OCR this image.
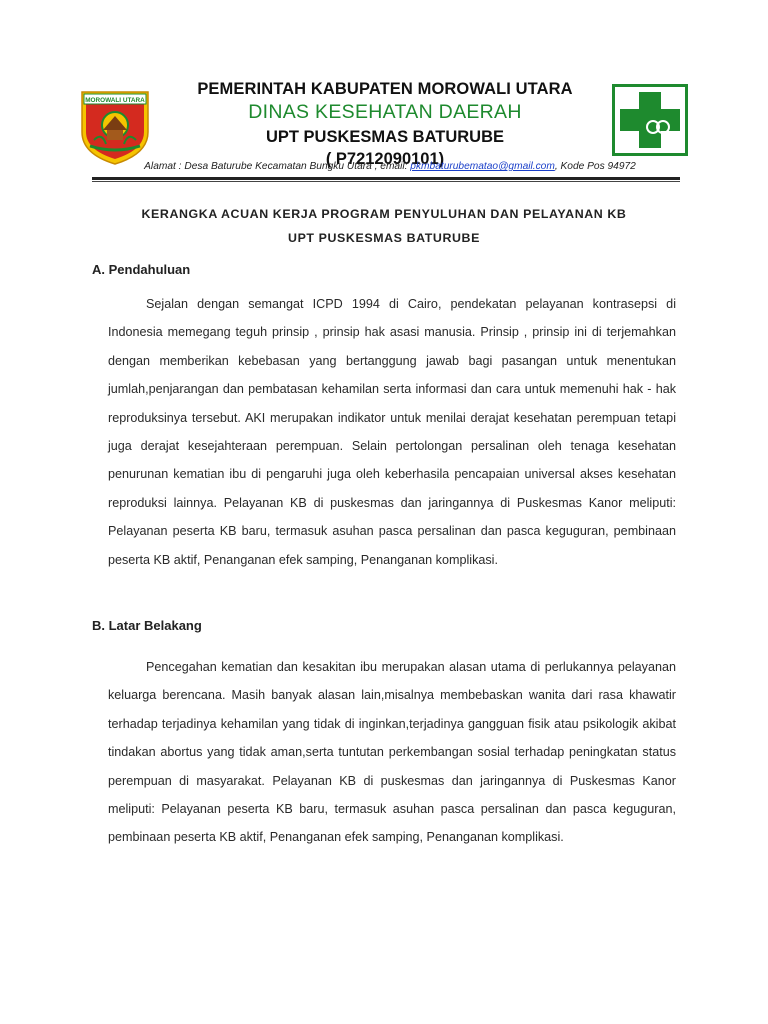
MOROWALI UTARA
PEMERINTAH KABUPATEN MOROWALI UTARA
DINAS KESEHATAN DAERAH
UPT PUSKESMAS BATURUBE
( P7212090101)
Alamat : Desa Baturube Kecamatan Bungku Utara , email: pkmbaturubematao@gmail.com, Kode Pos 94972
KERANGKA ACUAN KERJA PROGRAM PENYULUHAN DAN PELAYANAN KB
UPT PUSKESMAS BATURUBE
A. Pendahuluan

Sejalan dengan semangat ICPD 1994 di Cairo, pendekatan pelayanan kontrasepsi di Indonesia memegang teguh prinsip , prinsip hak asasi manusia. Prinsip , prinsip ini di terjemahkan dengan memberikan kebebasan yang bertanggung jawab bagi pasangan untuk menentukan jumlah,penjarangan dan pembatasan kehamilan serta informasi dan cara untuk memenuhi hak - hak reproduksinya tersebut. AKI merupakan indikator untuk menilai derajat kesehatan perempuan tetapi juga derajat kesejahteraan perempuan. Selain pertolongan persalinan oleh tenaga kesehatan penurunan kematian ibu di pengaruhi juga oleh keberhasila pencapaian universal akses kesehatan reproduksi lainnya. Pelayanan KB di puskesmas dan jaringannya di Puskesmas Kanor meliputi: Pelayanan peserta KB baru, termasuk asuhan pasca persalinan dan pasca keguguran, pembinaan peserta KB aktif, Penanganan efek samping, Penanganan komplikasi.

B. Latar Belakang

Pencegahan kematian dan kesakitan ibu merupakan alasan utama di perlukannya pelayanan keluarga berencana. Masih banyak alasan lain,misalnya membebaskan wanita dari rasa khawatir terhadap terjadinya kehamilan yang tidak di inginkan,terjadinya gangguan fisik atau psikologik akibat tindakan abortus yang tidak aman,serta tuntutan perkembangan sosial terhadap peningkatan status perempuan di masyarakat. Pelayanan KB di puskesmas dan jaringannya di Puskesmas Kanor meliputi: Pelayanan peserta KB baru, termasuk asuhan pasca persalinan dan pasca keguguran, pembinaan peserta KB aktif, Penanganan efek samping, Penanganan komplikasi.
